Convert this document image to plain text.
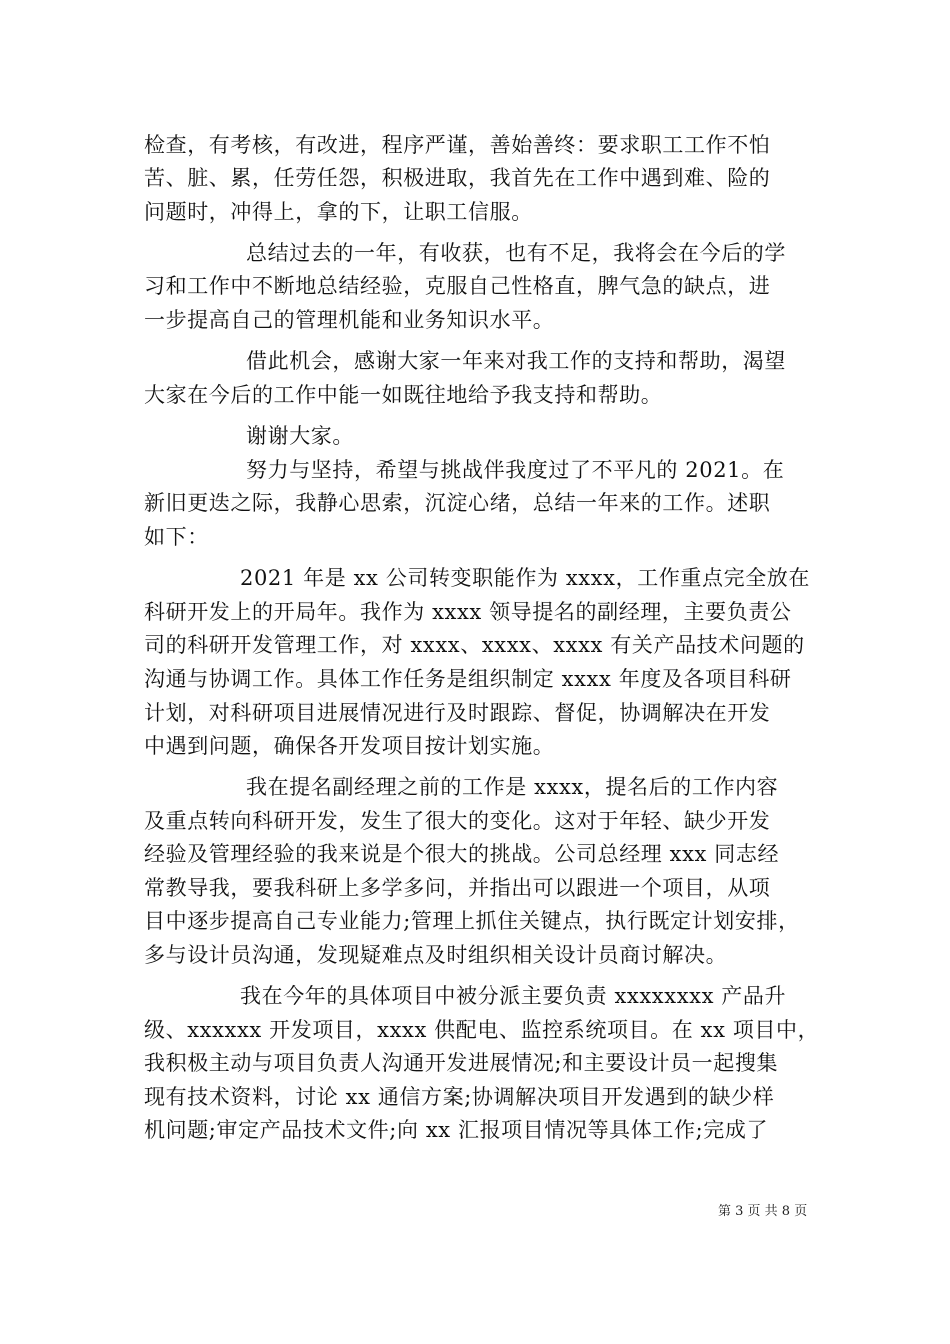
检查，有考核，有改进，程序严谨，善始善终：要求职工工作不怕
苦、脏、累，任劳任怨，积极进取，我首先在工作中遇到难、险的
问题时，冲得上，拿的下，让职工信服。
总结过去的一年，有收获，也有不足，我将会在今后的学
习和工作中不断地总结经验，克服自己性格直，脾气急的缺点，进
一步提高自己的管理机能和业务知识水平。
借此机会，感谢大家一年来对我工作的支持和帮助，渴望
大家在今后的工作中能一如既往地给予我支持和帮助。
谢谢大家。
努力与坚持，希望与挑战伴我度过了不平凡的 2021。在
新旧更迭之际，我静心思索，沉淀心绪，总结一年来的工作。述职
如下：
2021 年是 xx 公司转变职能作为 xxxx，工作重点完全放在
科研开发上的开局年。我作为 xxxx 领导提名的副经理，主要负责公
司的科研开发管理工作，对 xxxx、xxxx、xxxx 有关产品技术问题的
沟通与协调工作。具体工作任务是组织制定 xxxx 年度及各项目科研
计划，对科研项目进展情况进行及时跟踪、督促，协调解决在开发
中遇到问题，确保各开发项目按计划实施。
我在提名副经理之前的工作是 xxxx，提名后的工作内容
及重点转向科研开发，发生了很大的变化。这对于年轻、缺少开发
经验及管理经验的我来说是个很大的挑战。公司总经理 xxx 同志经
常教导我，要我科研上多学多问，并指出可以跟进一个项目，从项
目中逐步提高自己专业能力;管理上抓住关键点，执行既定计划安排，
多与设计员沟通，发现疑难点及时组织相关设计员商讨解决。
我在今年的具体项目中被分派主要负责 xxxxxxxx 产品升
级、xxxxxx 开发项目，xxxx 供配电、监控系统项目。在 xx 项目中，
我积极主动与项目负责人沟通开发进展情况;和主要设计员一起搜集
现有技术资料，讨论 xx 通信方案;协调解决项目开发遇到的缺少样
机问题;审定产品技术文件;向 xx 汇报项目情况等具体工作;完成了
第 3 页 共 8 页
